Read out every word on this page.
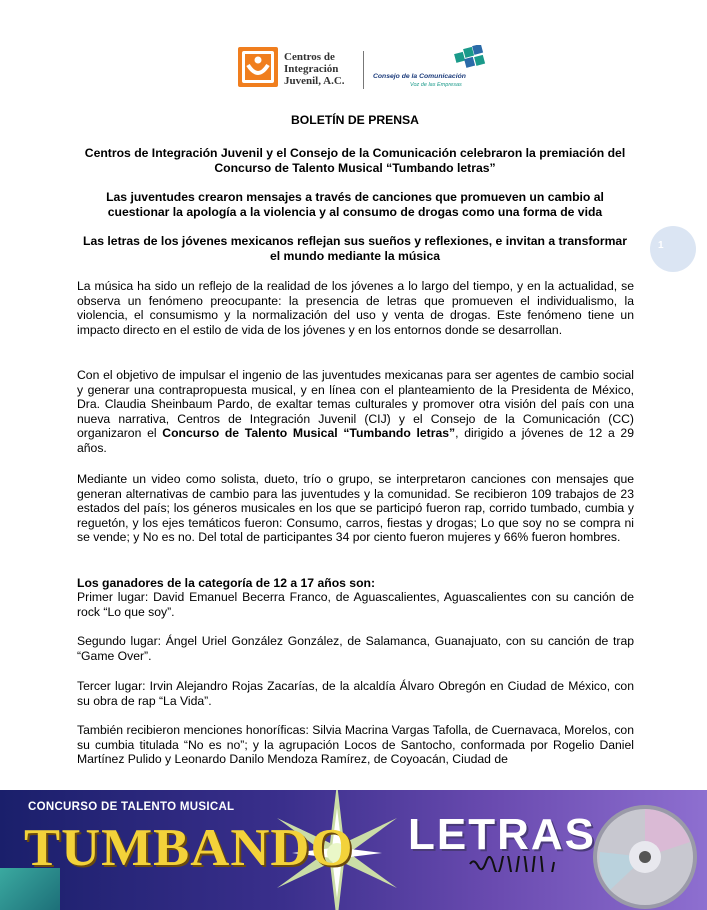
Centros de
Integración
Juvenil, A.C.	Consejo de la Comunicación
Voz de las Empresas
1
BOLETÍN DE PRENSA
Centros de Integración Juvenil y el Consejo de la Comunicación celebraron la premiación del Concurso de Talento Musical “Tumbando letras”
Las juventudes crearon mensajes a través de canciones que promueven un cambio al cuestionar la apología a la violencia y al consumo de drogas como una forma de vida
Las letras de los jóvenes mexicanos reflejan sus sueños y reflexiones, e invitan a transformar el mundo mediante la música
La música ha sido un reflejo de la realidad de los jóvenes a lo largo del tiempo, y en la actualidad, se observa un fenómeno preocupante: la presencia de letras que promueven el individualismo, la violencia, el consumismo y la normalización del uso y venta de drogas. Este fenómeno tiene un impacto directo en el estilo de vida de los jóvenes y en los entornos donde se desarrollan.
Con el objetivo de impulsar el ingenio de las juventudes mexicanas para ser agentes de cambio social y generar una contrapropuesta musical, y en línea con el planteamiento de la Presidenta de México, Dra. Claudia Sheinbaum Pardo, de exaltar temas culturales y promover otra visión del país con una nueva narrativa, Centros de Integración Juvenil (CIJ) y el Consejo de la Comunicación (CC) organizaron el Concurso de Talento Musical “Tumbando letras”, dirigido a jóvenes de 12 a 29 años.
Mediante un video como solista, dueto, trío o grupo, se interpretaron canciones con mensajes que generan alternativas de cambio para las juventudes y la comunidad. Se recibieron 109 trabajos de 23 estados del país; los géneros musicales en los que se participó fueron rap, corrido tumbado, cumbia y reguetón, y los ejes temáticos fueron: Consumo, carros, fiestas y drogas; Lo que soy no se compra ni se vende; y No es no. Del total de participantes 34 por ciento fueron mujeres y 66% fueron hombres.
Los ganadores de la categoría de 12 a 17 años son:
Primer lugar: David Emanuel Becerra Franco, de Aguascalientes, Aguascalientes con su canción de rock “Lo que soy”.
Segundo lugar: Ángel Uriel González González, de Salamanca, Guanajuato, con su canción de trap “Game Over”.
Tercer lugar: Irvin Alejandro Rojas Zacarías, de la alcaldía Álvaro Obregón en Ciudad de México, con su obra de rap “La Vida”.
También recibieron menciones honoríficas: Silvia Macrina Vargas Tafolla, de Cuernavaca, Morelos, con su cumbia titulada “No es no”; y la agrupación Locos de Santocho, conformada por Rogelio Daniel Martínez Pulido y Leonardo Danilo Mendoza Ramírez, de Coyoacán, Ciudad de
CONCURSO DE TALENTO MUSICAL
TUMBANDO LETRAS
